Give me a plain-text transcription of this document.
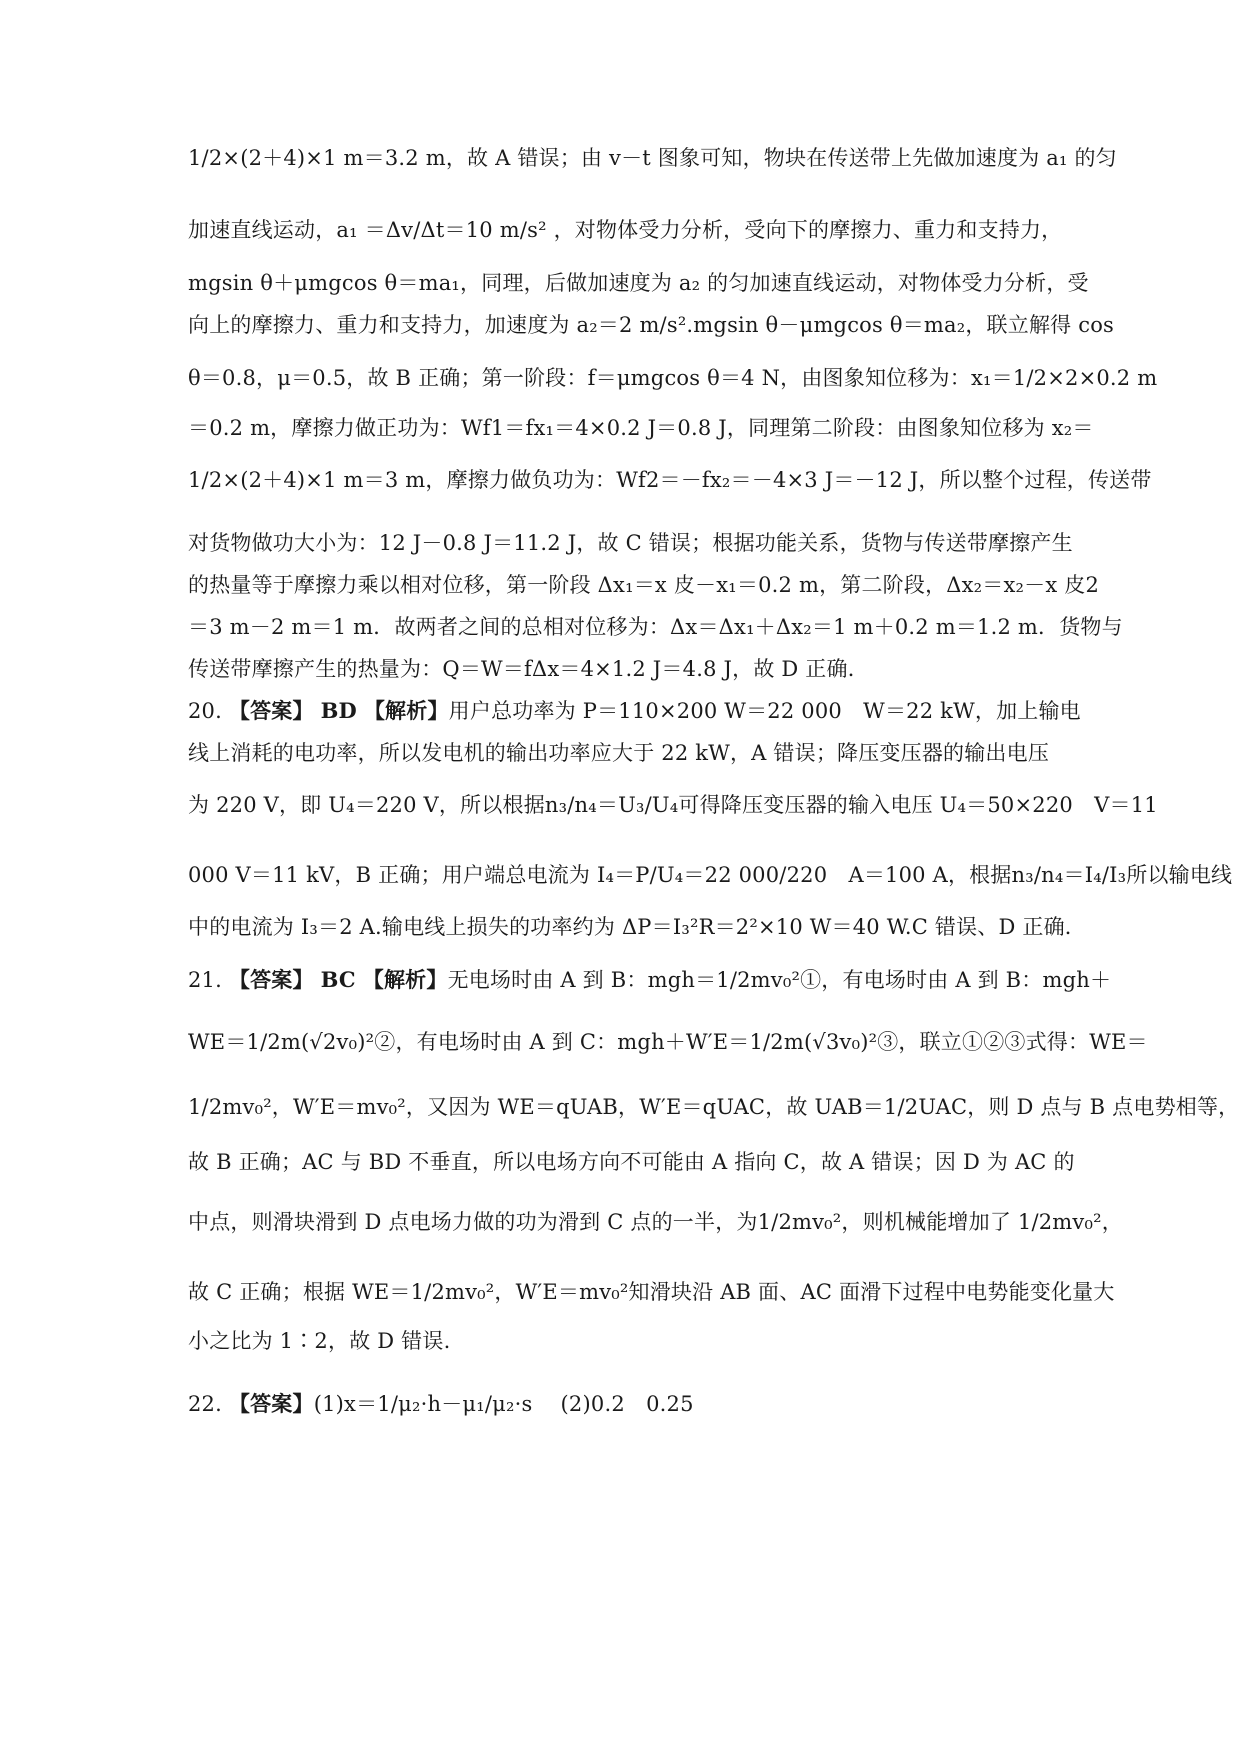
1/2×(2＋4)×1 m＝3.2 m，故 A 错误；由 v－t 图象可知，物块在传送带上先做加速度为 a₁ 的匀
加速直线运动，a₁ ＝Δv/Δt＝10 m/s² ，对物体受力分析，受向下的摩擦力、重力和支持力，
mgsin θ＋μmgcos θ＝ma₁，同理，后做加速度为 a₂ 的匀加速直线运动，对物体受力分析，受
向上的摩擦力、重力和支持力，加速度为 a₂＝2 m/s².mgsin θ－μmgcos θ＝ma₂，联立解得 cos
θ＝0.8，μ＝0.5，故 B 正确；第一阶段：f＝μmgcos θ＝4 N，由图象知位移为：x₁＝1/2×2×0.2 m
＝0.2 m，摩擦力做正功为：Wf1＝fx₁＝4×0.2 J＝0.8 J，同理第二阶段：由图象知位移为 x₂＝
1/2×(2＋4)×1 m＝3 m，摩擦力做负功为：Wf2＝－fx₂＝－4×3 J＝－12 J，所以整个过程，传送带
对货物做功大小为：12 J－0.8 J＝11.2 J，故 C 错误；根据功能关系，货物与传送带摩擦产生
的热量等于摩擦力乘以相对位移，第一阶段 Δx₁＝x 皮－x₁＝0.2 m，第二阶段，Δx₂＝x₂－x 皮2
＝3 m－2 m＝1 m．故两者之间的总相对位移为：Δx＝Δx₁＋Δx₂＝1 m＋0.2 m＝1.2 m．货物与
传送带摩擦产生的热量为：Q＝W＝fΔx＝4×1.2 J＝4.8 J，故 D 正确．
20. 【答案】 BD 【解析】用户总功率为 P＝110×200 W＝22 000　W＝22 kW，加上输电
线上消耗的电功率，所以发电机的输出功率应大于 22 kW，A 错误；降压变压器的输出电压
为 220 V，即 U₄＝220 V，所以根据n₃/n₄＝U₃/U₄可得降压变压器的输入电压 U₄＝50×220　V＝11
000 V＝11 kV，B 正确；用户端总电流为 I₄＝P/U₄＝22 000/220　A＝100 A，根据n₃/n₄＝I₄/I₃所以输电线
中的电流为 I₃＝2 A.输电线上损失的功率约为 ΔP＝I₃²R＝2²×10 W＝40 W.C 错误、D 正确．
21. 【答案】 BC 【解析】无电场时由 A 到 B：mgh＝1/2mv₀²①，有电场时由 A 到 B：mgh＋
WE＝1/2m(√2v₀)²②，有电场时由 A 到 C：mgh＋W′E＝1/2m(√3v₀)²③，联立①②③式得：WE＝
1/2mv₀²，W′E＝mv₀²，又因为 WE＝qUAB，W′E＝qUAC，故 UAB＝1/2UAC，则 D 点与 B 点电势相等，
故 B 正确；AC 与 BD 不垂直，所以电场方向不可能由 A 指向 C，故 A 错误；因 D 为 AC 的
中点，则滑块滑到 D 点电场力做的功为滑到 C 点的一半，为1/2mv₀²，则机械能增加了 1/2mv₀²，
故 C 正确；根据 WE＝1/2mv₀²，W′E＝mv₀²知滑块沿 AB 面、AC 面滑下过程中电势能变化量大
小之比为 1∶2，故 D 错误.
22. 【答案】(1)x＝1/μ₂·h－μ₁/μ₂·s　 (2)0.2　0.25
